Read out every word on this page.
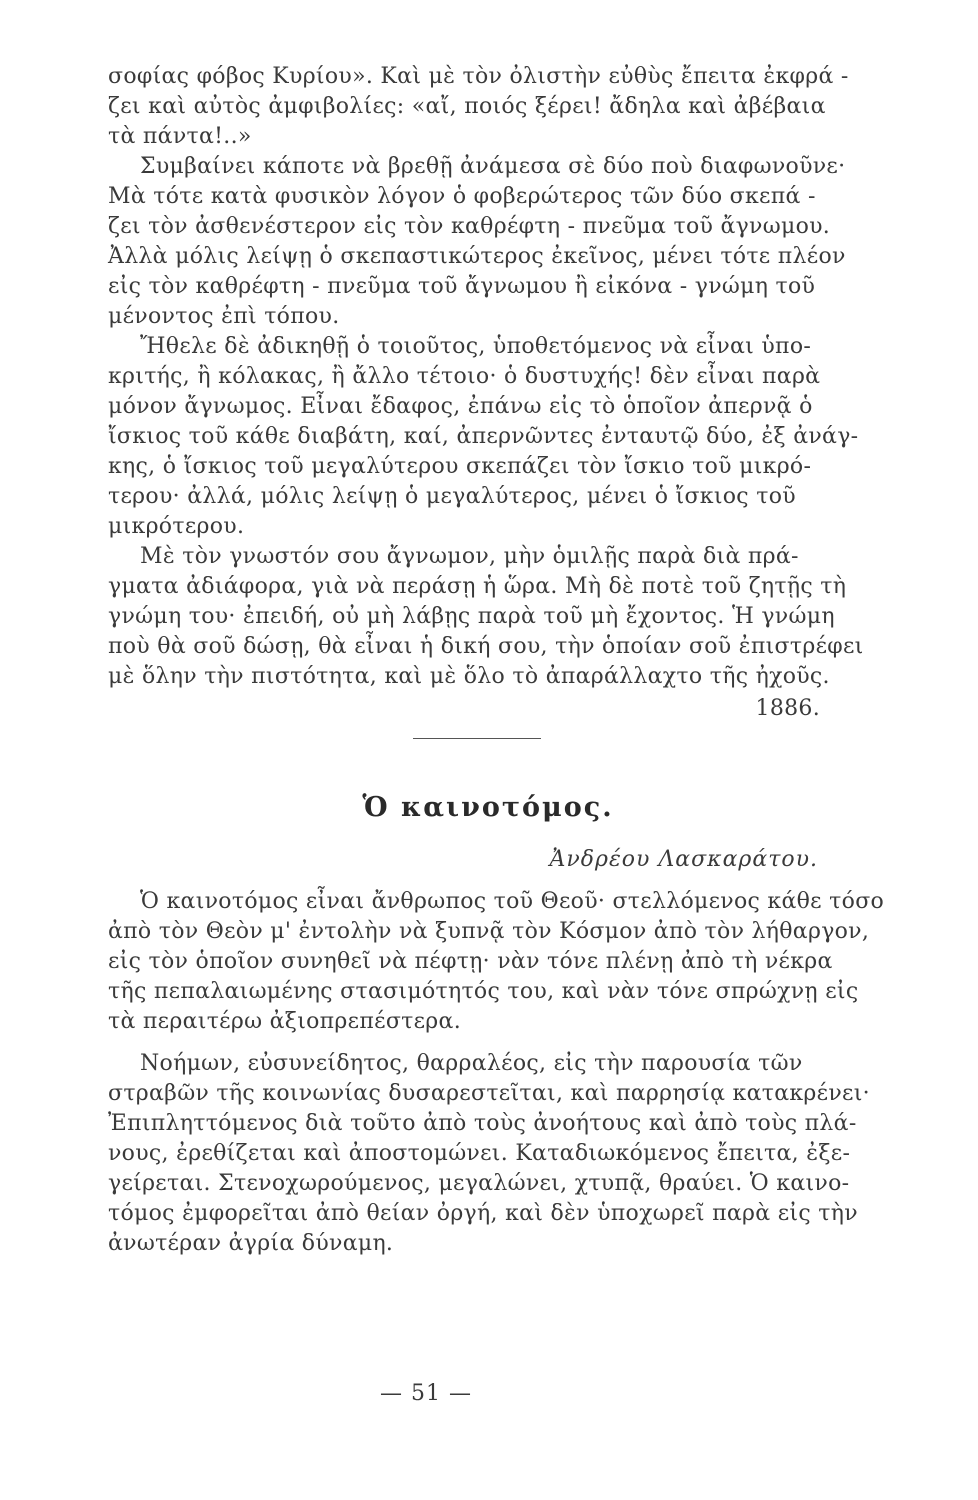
σοφίας φόβος Κυρίου». Καὶ μὲ τὸν ὀλιστὴν εὐθὺς ἔπειτα ἐκφρά -
ζει καὶ αὐτὸς ἀμφιβολίες: «αἴ, ποιός ξέρει! ἄδηλα καὶ ἀβέβαια
τὰ πάντα!..»
Συμβαίνει κάποτε νὰ βρεθῇ ἀνάμεσα σὲ δύο ποὺ διαφωνοῦνε·
Μὰ τότε κατὰ φυσικὸν λόγον ὁ φοβερώτερος τῶν δύο σκεπά -
ζει τὸν ἀσθενέστερον εἰς τὸν καθρέφτη - πνεῦμα τοῦ ἄγνωμου.
Ἀλλὰ μόλις λείψῃ ὁ σκεπαστικώτερος ἐκεῖνος, μένει τότε πλέον
εἰς τὸν καθρέφτη - πνεῦμα τοῦ ἄγνωμου ἢ εἰκόνα - γνώμη τοῦ
μένοντος ἐπὶ τόπου.
Ἤθελε δὲ ἀδικηθῇ ὁ τοιοῦτος, ὑποθετόμενος νὰ εἶναι ὑπο-
κριτής, ἢ κόλακας, ἢ ἄλλο τέτοιο· ὁ δυστυχής! δὲν εἶναι παρὰ
μόνον ἄγνωμος. Εἶναι ἔδαφος, ἐπάνω εἰς τὸ ὁποῖον ἀπερνᾷ ὁ
ἴσκιος τοῦ κάθε διαβάτη, καί, ἀπερνῶντες ἐνταυτῷ δύο, ἐξ ἀνάγ-
κης, ὁ ἴσκιος τοῦ μεγαλύτερου σκεπάζει τὸν ἴσκιο τοῦ μικρό-
τερου· ἀλλά, μόλις λείψῃ ὁ μεγαλύτερος, μένει ὁ ἴσκιος τοῦ
μικρότερου.
Μὲ τὸν γνωστόν σου ἄγνωμον, μὴν ὁμιλῇς παρὰ διὰ πρά-
γματα ἀδιάφορα, γιὰ νὰ περάσῃ ἡ ὥρα. Μὴ δὲ ποτὲ τοῦ ζητῇς τὴ
γνώμη του· ἐπειδή, οὐ μὴ λάβῃς παρὰ τοῦ μὴ ἔχοντος. Ἡ γνώμη
ποὺ θὰ σοῦ δώσῃ, θὰ εἶναι ἡ δική σου, τὴν ὁποίαν σοῦ ἐπιστρέφει
μὲ ὅλην τὴν πιστότητα, καὶ μὲ ὅλο τὸ ἀπαράλλαχτο τῆς ἠχοῦς.
1886.
Ὁ καινοτόμος.
Ἀνδρέου Λασκαράτου.
Ὁ καινοτόμος εἶναι ἄνθρωπος τοῦ Θεοῦ· στελλόμενος κάθε τόσο
ἀπὸ τὸν Θεὸν μ' ἐντολὴν νὰ ξυπνᾷ τὸν Κόσμον ἀπὸ τὸν λήθαργον,
εἰς τὸν ὁποῖον συνηθεῖ νὰ πέφτῃ· νὰν τόνε πλένῃ ἀπὸ τὴ νέκρα
τῆς πεπαλαιωμένης στασιμότητός του, καὶ νὰν τόνε σπρώχνῃ εἰς
τὰ περαιτέρω ἀξιοπρεπέστερα.
Νοήμων, εὐσυνείδητος, θαρραλέος, εἰς τὴν παρουσία τῶν
στραβῶν τῆς κοινωνίας δυσαρεστεῖται, καὶ παρρησίᾳ κατακρένει·
Ἐπιπληττόμενος διὰ τοῦτο ἀπὸ τοὺς ἀνοήτους καὶ ἀπὸ τοὺς πλά-
νους, ἐρεθίζεται καὶ ἀποστομώνει. Καταδιωκόμενος ἔπειτα, ἐξε-
γείρεται. Στενοχωρούμενος, μεγαλώνει, χτυπᾷ, θραύει. Ὁ καινο-
τόμος ἐμφορεῖται ἀπὸ θείαν ὀργή, καὶ δὲν ὑποχωρεῖ παρὰ εἰς τὴν
ἀνωτέραν ἀγρία δύναμη.
— 51 —
